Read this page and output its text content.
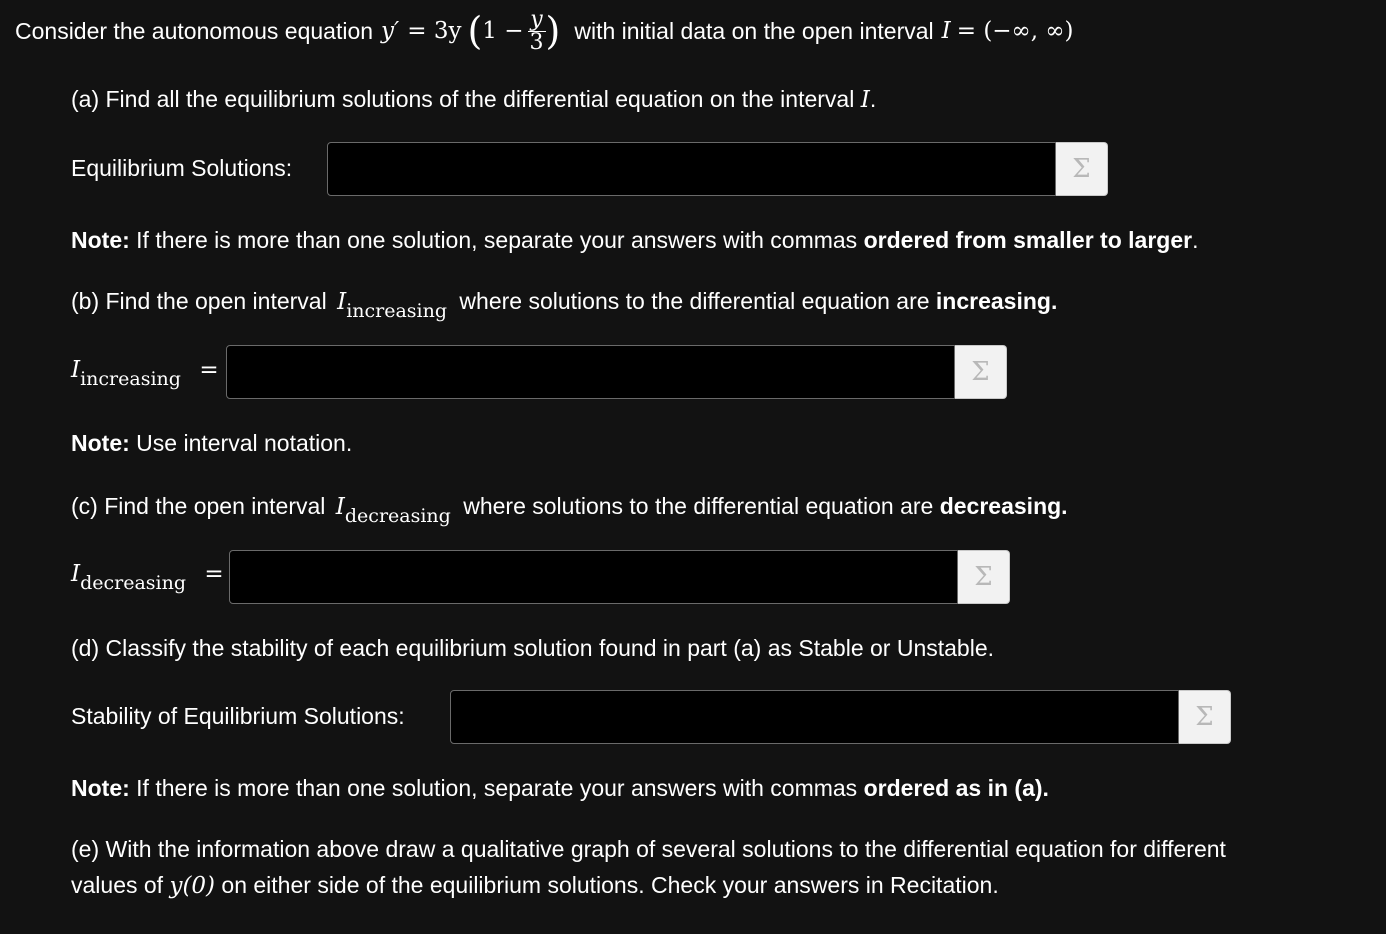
Consider the autonomous equation y′ = 3y ( $1 - \frac{y}{3}$ ) with initial data on the open interval I = (−∞, ∞)
(a) Find all the equilibrium solutions of the differential equation on the interval I.
Equilibrium Solutions:	Σ
Note: If there is more than one solution, separate your answers with commas ordered from smaller to larger.
(b) Find the open interval $I_{increasing}$ where solutions to the differential equation are increasing.
$I_{increasing}$ =	Σ
Note: Use interval notation.
(c) Find the open interval $I_{decreasing}$ where solutions to the differential equation are decreasing.
$I_{decreasing}$ =	Σ
(d) Classify the stability of each equilibrium solution found in part (a) as Stable or Unstable.
Stability of Equilibrium Solutions:	Σ
Note: If there is more than one solution, separate your answers with commas ordered as in (a).
(e) With the information above draw a qualitative graph of several solutions to the differential equation for different
values of y(0) on either side of the equilibrium solutions. Check your answers in Recitation.
